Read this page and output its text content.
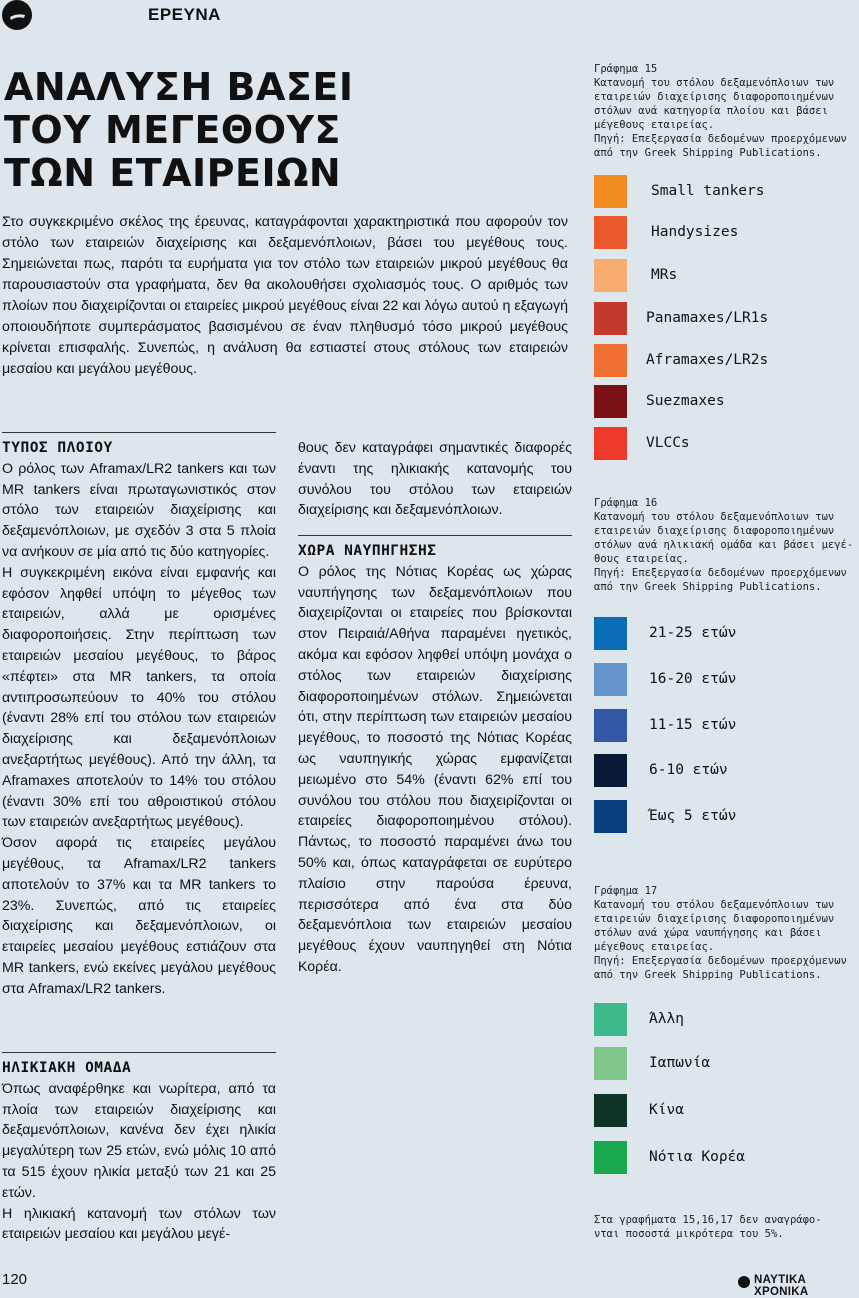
ΕΡΕΥΝΑ
ΑΝΑΛΥΣΗ ΒΑΣΕΙ
ΤΟΥ ΜΕΓΕΘΟΥΣ
ΤΩΝ ΕΤΑΙΡΕΙΩΝ

Στο συγκεκριμένο σκέλος της έρευνας, καταγράφονται χαρακτηριστικά που αφορούν τον στόλο των εταιρειών διαχείρισης και δεξαμενόπλοιων, βάσει του μεγέθους τους. Σημειώνεται πως, παρότι τα ευρήματα για τον στόλο των εταιρειών μικρού μεγέθους θα παρουσιαστούν στα γραφήματα, δεν θα ακολουθήσει σχολιασμός τους. Ο αριθμός των πλοίων που διαχειρίζονται οι εταιρείες μικρού μεγέθους είναι 22 και λόγω αυτού η εξαγωγή οποιουδήποτε συμπεράσματος βασισμένου σε έναν πληθυσμό τόσο μικρού μεγέθους κρίνεται επισφαλής. Συνεπώς, η ανάλυση θα εστιαστεί στους στόλους των εταιρειών μεσαίου και μεγάλου μεγέθους.

ΤΥΠΟΣ ΠΛΟΙΟΥ

Ο ρόλος των Aframax/LR2 tankers και των MR tankers είναι πρωταγωνιστικός στον στόλο των εταιρειών διαχείρισης και δεξαμενόπλοιων, με σχεδόν 3 στα 5 πλοία να ανήκουν σε μία από τις δύο κατηγορίες.

Η συγκεκριμένη εικόνα είναι εμφανής και εφόσον ληφθεί υπόψη το μέγεθος των εταιρειών, αλλά με ορισμένες διαφοροποιήσεις. Στην περίπτωση των εταιρειών μεσαίου μεγέθους, το βάρος «πέφτει» στα MR tankers, τα οποία αντιπροσωπεύουν το 40% του στόλου (έναντι 28% επί του στόλου των εταιρειών διαχείρισης και δεξαμενόπλοιων ανεξαρτήτως μεγέθους). Από την άλλη, τα Aframaxes αποτελούν το 14% του στόλου (έναντι 30% επί του αθροιστικού στόλου των εταιρειών ανεξαρτήτως μεγέθους).

Όσον αφορά τις εταιρείες μεγάλου μεγέθους, τα Aframax/LR2 tankers αποτελούν το 37% και τα MR tankers το 23%. Συνεπώς, από τις εταιρείες διαχείρισης και δεξαμενόπλοιων, οι εταιρείες μεσαίου μεγέθους εστιάζουν στα MR tankers, ενώ εκείνες μεγάλου μεγέθους στα Aframax/LR2 tankers.

ΗΛΙΚΙΑΚΗ ΟΜΑΔΑ

Όπως αναφέρθηκε και νωρίτερα, από τα πλοία των εταιρειών διαχείρισης και δεξαμενόπλοιων, κανένα δεν έχει ηλικία μεγαλύτερη των 25 ετών, ενώ μόλις 10 από τα 515 έχουν ηλικία μεταξύ των 21 και 25 ετών.

Η ηλικιακή κατανομή των στόλων των εταιρειών μεσαίου και μεγάλου μεγέ-

θους δεν καταγράφει σημαντικές διαφορές έναντι της ηλικιακής κατανομής του συνόλου του στόλου των εταιρειών διαχείρισης και δεξαμενόπλοιων.

ΧΩΡΑ ΝΑΥΠΗΓΗΣΗΣ

Ο ρόλος της Νότιας Κορέας ως χώρας ναυπήγησης των δεξαμενόπλοιων που διαχειρίζονται οι εταιρείες που βρίσκονται στον Πειραιά/Αθήνα παραμένει ηγετικός, ακόμα και εφόσον ληφθεί υπόψη μονάχα ο στόλος των εταιρειών διαχείρισης διαφοροποιημένων στόλων. Σημειώνεται ότι, στην περίπτωση των εταιρειών μεσαίου μεγέθους, το ποσοστό της Νότιας Κορέας ως ναυπηγικής χώρας εμφανίζεται μειωμένο στο 54% (έναντι 62% επί του συνόλου του στόλου που διαχειρίζονται οι εταιρείες διαφοροποιημένου στόλου). Πάντως, το ποσοστό παραμένει άνω του 50% και, όπως καταγράφεται σε ευρύτερο πλαίσιο στην παρούσα έρευνα, περισσότερα από ένα στα δύο δεξαμενόπλοια των εταιρειών μεσαίου μεγέθους έχουν ναυπηγηθεί στη Νότια Κορέα.

Γράφημα 15
Κατανομή του στόλου δεξαμενόπλοιων των
εταιρειών διαχείρισης διαφοροποιημένων
στόλων ανά κατηγορία πλοίου και βάσει
μέγεθους εταιρείας.
Πηγή: Επεξεργασία δεδομένων προερχόμενων
από την Greek Shipping Publications.
Small tankers
Handysizes
MRs
Panamaxes/LR1s
Aframaxes/LR2s
Suezmaxes
VLCCs
Γράφημα 16
Κατανομή του στόλου δεξαμενόπλοιων των
εταιρειών διαχείρισης διαφοροποιημένων
στόλων ανά ηλικιακή ομάδα και βάσει μεγέ-
θους εταιρείας.
Πηγή: Επεξεργασία δεδομένων προερχόμενων
από την Greek Shipping Publications.
21-25 ετών
16-20 ετών
11-15 ετών
6-10 ετών
Έως 5 ετών
Γράφημα 17
Κατανομή του στόλου δεξαμενόπλοιων των
εταιρειών διαχείρισης διαφοροποιημένων
στόλων ανά χώρα ναυπήγησης και βάσει
μέγεθους εταιρείας.
Πηγή: Επεξεργασία δεδομένων προερχόμενων
από την Greek Shipping Publications.
Άλλη
Ιαπωνία
Κίνα
Νότια Κορέα
Στα γραφήματα 15,16,17 δεν αναγράφο-
νται ποσοστά μικρότερα του 5%.
120	ΝΑΥΤΙΚΑ ΧΡΟΝΙΚΑ
